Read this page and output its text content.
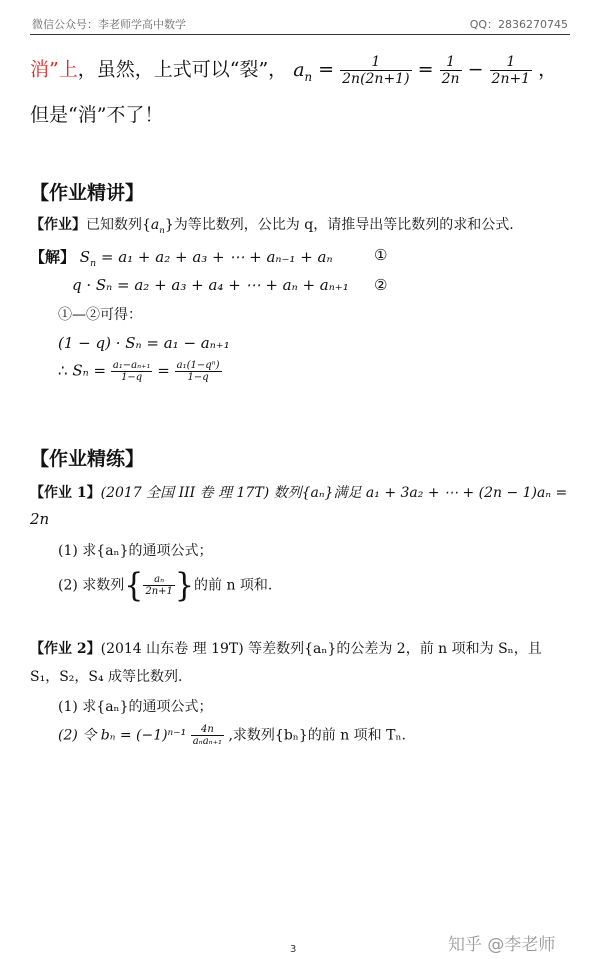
微信公众号：李老师学高中数学	QQ：2836270745
消”上，虽然，上式可以“裂”， $a_n = \frac{1}{2n(2n+1)} = \frac{1}{2n} - \frac{1}{2n+1}$ ，
但是“消”不了！
【作业精讲】
【作业】已知数列$\{a_n\}$为等比数列，公比为 q，请推导出等比数列的求和公式.
【解】 $S_n = a_1 + a_2 + a_3$ + ⋯ + aₙ₋₁ + aₙ	①
q · Sₙ = a₂ + a₃ + a₄ + ⋯ + aₙ + aₙ₊₁ ②
①—②可得：
(1 − q) · Sₙ = a₁ − aₙ₊₁
∴ $S_n = \frac{\text{a₁−aₙ₊₁}}{1-q} = \frac{\text{a₁(1−qⁿ)}}{1-q}$
【作业精练】
【作业 1】(2017 全国 III 卷 理 17T) 数列{aₙ}满足 a₁ + 3a₂ + ⋯ + (2n − 1)aₙ =
2n
(1) 求{aₙ}的通项公式；
(2) 求数列{ $\frac{\text{aₙ}}{2n+1}$ }的前 n 项和.
【作业 2】(2014 山东卷 理 19T) 等差数列{aₙ}的公差为 2，前 n 项和为 Sₙ，且
S₁，S₂，S₄ 成等比数列.
(1) 求{aₙ}的通项公式；
(2) 令 $b_n = (-1)^{n-1} \frac{4n}{\text{aₙaₙ₊₁}}$ ,求数列{bₙ}的前 n 项和 Tₙ.
知乎 @李老师
3
